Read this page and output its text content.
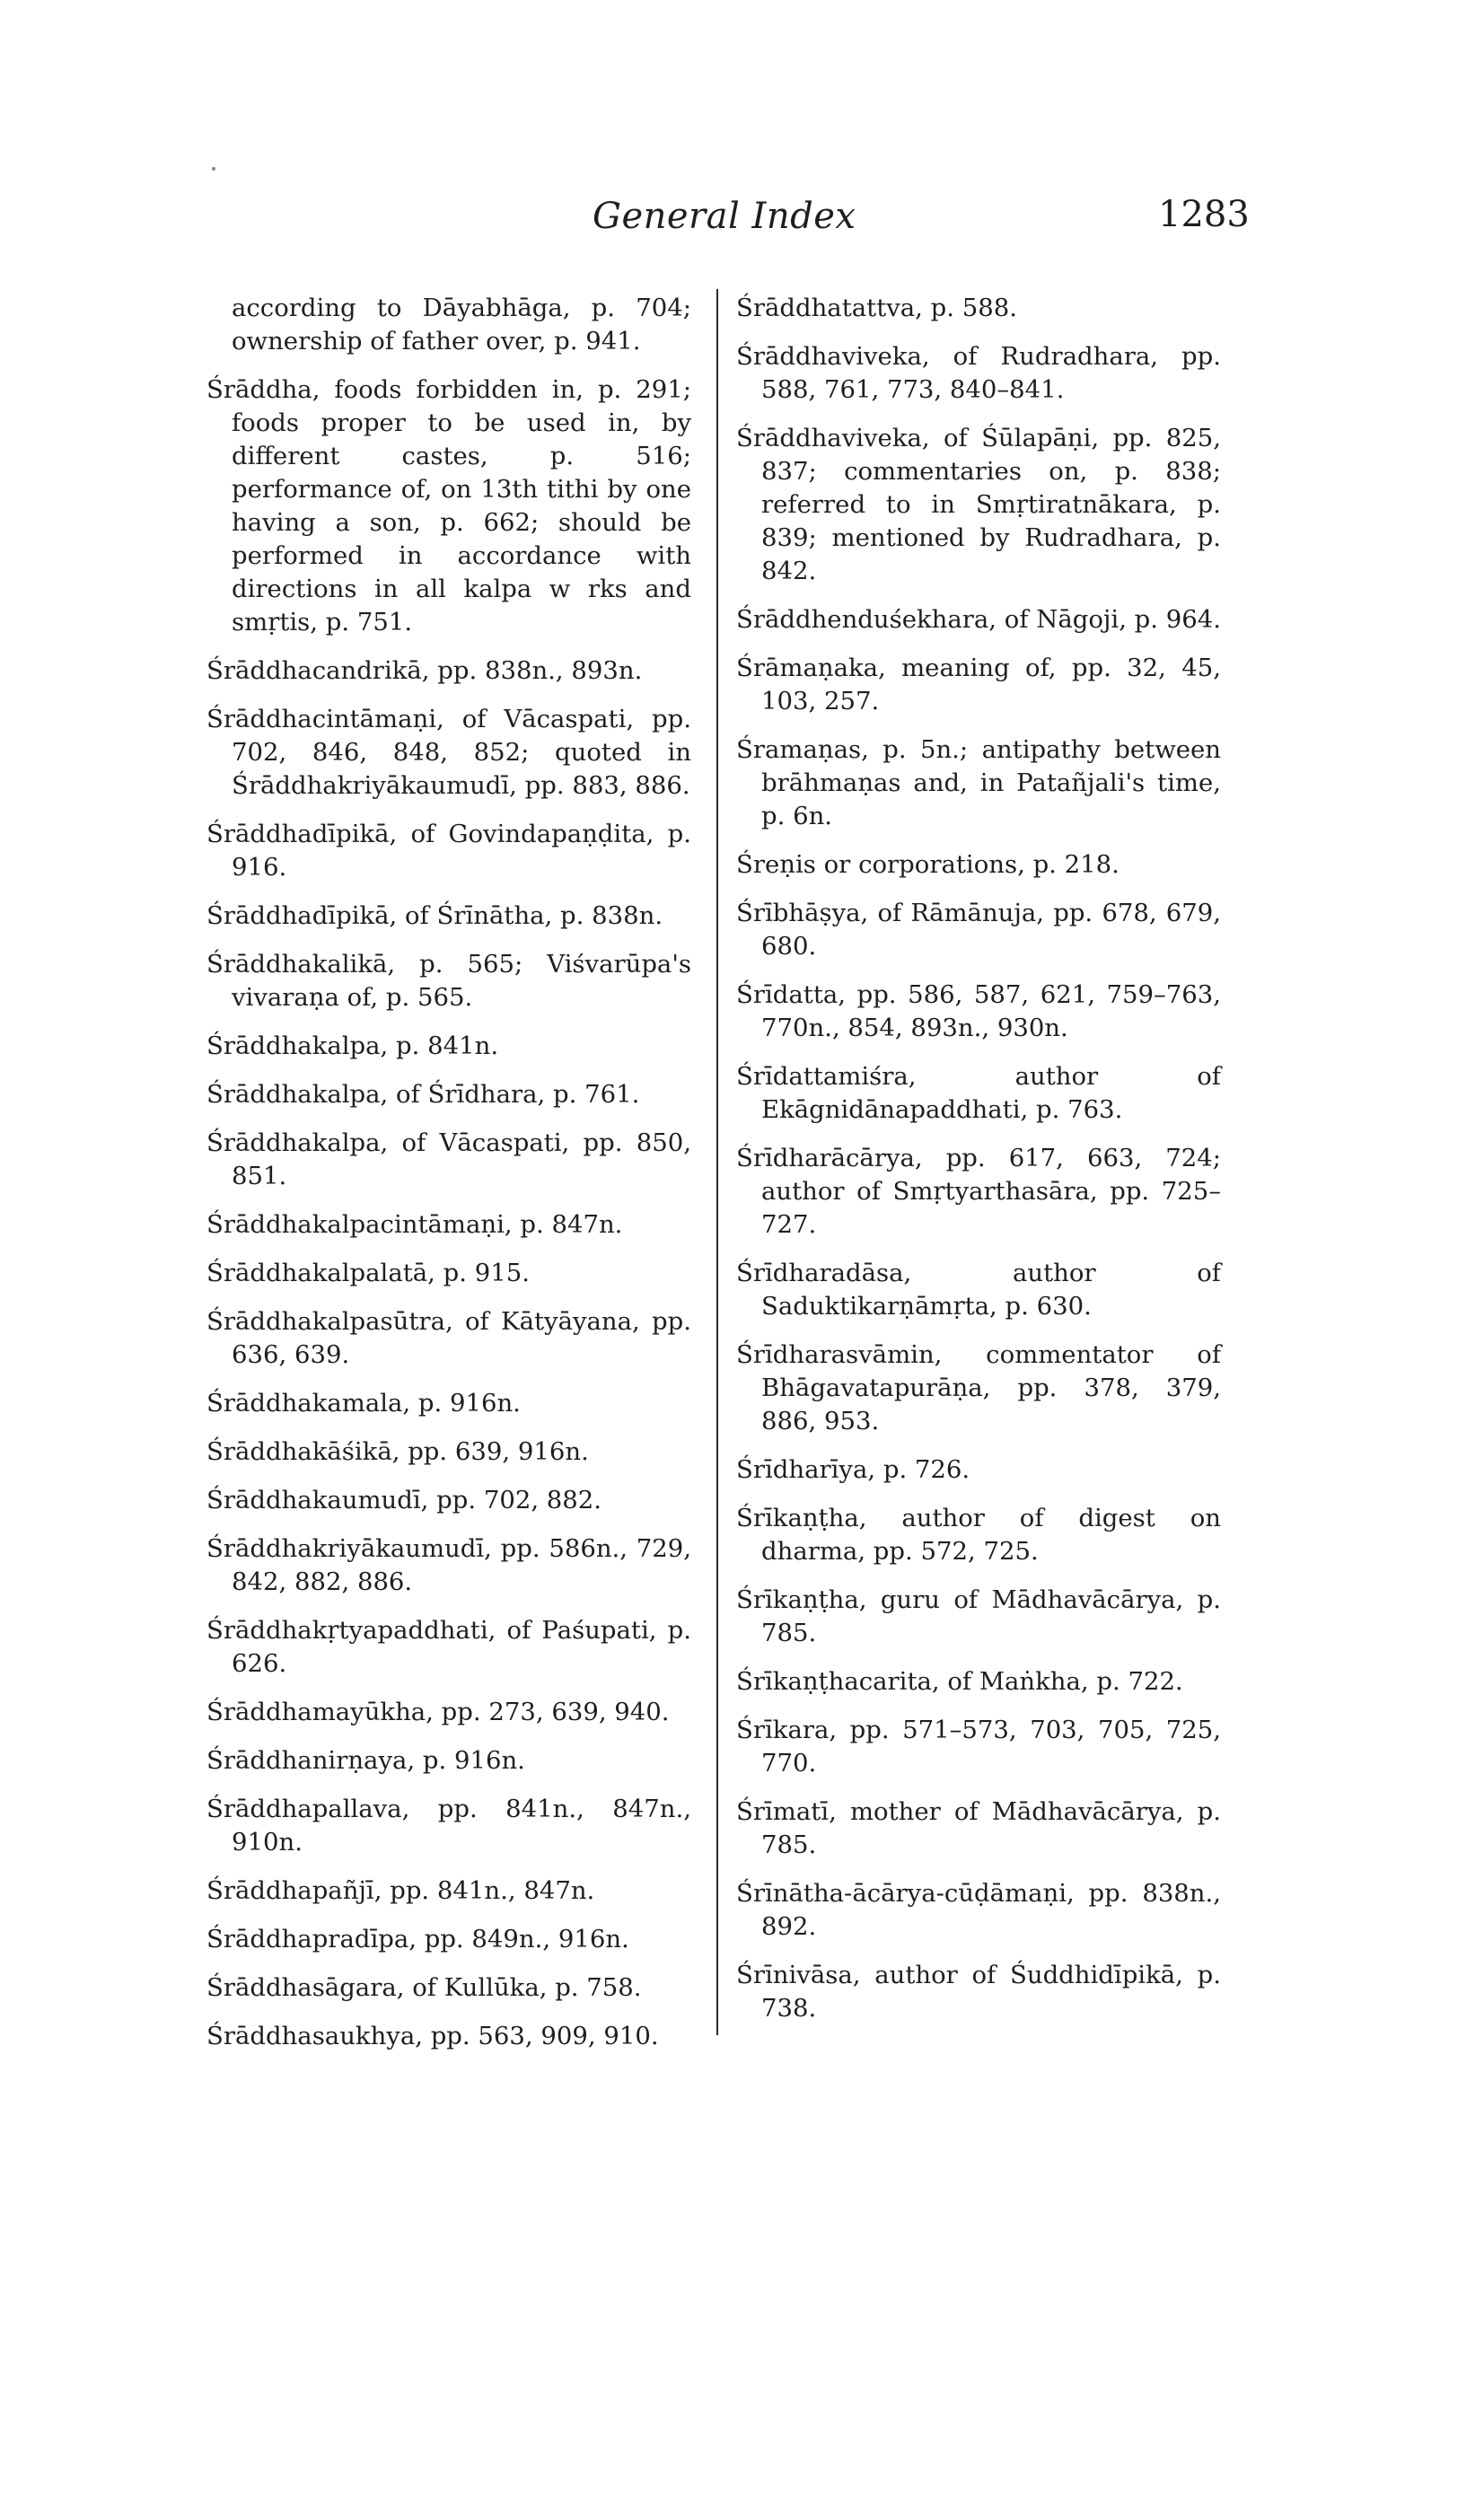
General Index	1283

according to Dāyabhāga, p. 704; ownership of father over, p. 941.

Śrāddha, foods forbidden in, p. 291; foods proper to be used in, by different castes, p. 516; performance of, on 13th tithi by one having a son, p. 662; should be performed in accordance with directions in all kalpa w rks and smṛtis, p. 751.

Śrāddhacandrikā, pp. 838n., 893n.

Śrāddhacintāmaṇi, of Vācaspati, pp. 702, 846, 848, 852; quoted in Śrāddhakriyākaumudī, pp. 883, 886.

Śrāddhadīpikā, of Govindapaṇḍita, p. 916.

Śrāddhadīpikā, of Śrīnātha, p. 838n.

Śrāddhakalikā, p. 565; Viśvarūpa's vivaraṇa of, p. 565.

Śrāddhakalpa, p. 841n.

Śrāddhakalpa, of Śrīdhara, p. 761.

Śrāddhakalpa, of Vācaspati, pp. 850, 851.

Śrāddhakalpacintāmaṇi, p. 847n.

Śrāddhakalpalatā, p. 915.

Śrāddhakalpasūtra, of Kātyāyana, pp. 636, 639.

Śrāddhakamala, p. 916n.

Śrāddhakāśikā, pp. 639, 916n.

Śrāddhakaumudī, pp. 702, 882.

Śrāddhakriyākaumudī, pp. 586n., 729, 842, 882, 886.

Śrāddhakṛtyapaddhati, of Paśupati, p. 626.

Śrāddhamayūkha, pp. 273, 639, 940.

Śrāddhanirṇaya, p. 916n.

Śrāddhapallava, pp. 841n., 847n., 910n.

Śrāddhapañjī, pp. 841n., 847n.

Śrāddhapradīpa, pp. 849n., 916n.

Śrāddhasāgara, of Kullūka, p. 758.

Śrāddhasaukhya, pp. 563, 909, 910.

Śrāddhatattva, p. 588.

Śrāddhaviveka, of Rudradhara, pp. 588, 761, 773, 840–841.

Śrāddhaviveka, of Śūlapāṇi, pp. 825, 837; commentaries on, p. 838; referred to in Smṛtiratnākara, p. 839; mentioned by Rudradhara, p. 842.

Śrāddhenduśekhara, of Nāgoji, p. 964.

Śrāmaṇaka, meaning of, pp. 32, 45, 103, 257.

Śramaṇas, p. 5n.; antipathy between brāhmaṇas and, in Patañjali's time, p. 6n.

Śreṇis or corporations, p. 218.

Śrībhāṣya, of Rāmānuja, pp. 678, 679, 680.

Śrīdatta, pp. 586, 587, 621, 759–763, 770n., 854, 893n., 930n.

Śrīdattamiśra, author of Ekāgnidānapaddhati, p. 763.

Śrīdharācārya, pp. 617, 663, 724; author of Smṛtyarthasāra, pp. 725–727.

Śrīdharadāsa, author of Saduktikarṇāmṛta, p. 630.

Śrīdharasvāmin, commentator of Bhāgavatapurāṇa, pp. 378, 379, 886, 953.

Śrīdharīya, p. 726.

Śrīkaṇṭha, author of digest on dharma, pp. 572, 725.

Śrīkaṇṭha, guru of Mādhavācārya, p. 785.

Śrīkaṇṭhacarita, of Maṅkha, p. 722.

Śrīkara, pp. 571–573, 703, 705, 725, 770.

Śrīmatī, mother of Mādhavācārya, p. 785.

Śrīnātha-ācārya-cūḍāmaṇi, pp. 838n., 892.

Śrīnivāsa, author of Śuddhidīpikā, p. 738.
